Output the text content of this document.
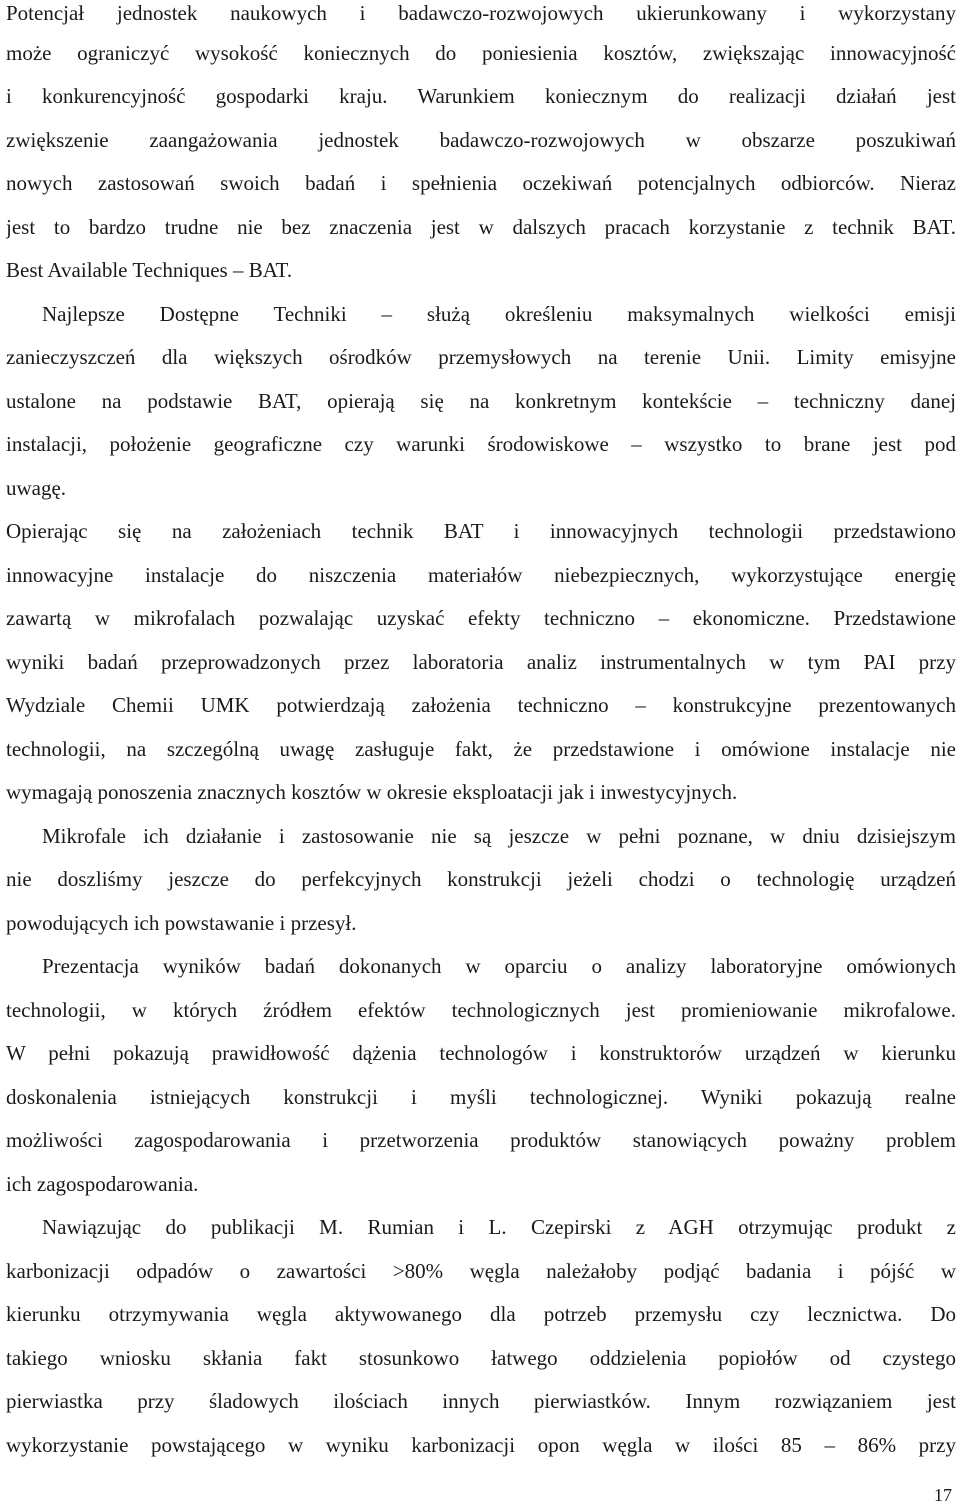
Potencjał jednostek naukowych i badawczo-rozwojowych ukierunkowany i wykorzystany
może ograniczyć wysokość koniecznych do poniesienia kosztów, zwiększając innowacyjność
i konkurencyjność gospodarki kraju. Warunkiem koniecznym do realizacji działań jest
zwiększenie zaangażowania jednostek badawczo-rozwojowych w obszarze poszukiwań
nowych zastosowań swoich badań i spełnienia oczekiwań potencjalnych odbiorców. Nieraz
jest to bardzo trudne nie bez znaczenia jest w dalszych pracach korzystanie z technik BAT.
Best Available Techniques – BAT.
Najlepsze Dostępne Techniki – służą określeniu maksymalnych wielkości emisji
zanieczyszczeń dla większych ośrodków przemysłowych na terenie Unii. Limity emisyjne
ustalone na podstawie BAT, opierają się na konkretnym kontekście – techniczny danej
instalacji, położenie geograficzne czy warunki środowiskowe – wszystko to brane jest pod
uwagę.
Opierając się na założeniach technik BAT i innowacyjnych technologii przedstawiono
innowacyjne instalacje do niszczenia materiałów niebezpiecznych, wykorzystujące energię
zawartą w mikrofalach pozwalając uzyskać efekty techniczno – ekonomiczne. Przedstawione
wyniki badań przeprowadzonych przez laboratoria analiz instrumentalnych w tym PAI przy
Wydziale Chemii UMK potwierdzają założenia techniczno – konstrukcyjne prezentowanych
technologii, na szczególną uwagę zasługuje fakt, że przedstawione i omówione instalacje nie
wymagają ponoszenia znacznych kosztów w okresie eksploatacji jak i inwestycyjnych.
Mikrofale ich działanie i zastosowanie nie są jeszcze w pełni poznane, w dniu dzisiejszym
nie doszliśmy jeszcze do perfekcyjnych konstrukcji jeżeli chodzi o technologię urządzeń
powodujących ich powstawanie i przesył.
Prezentacja wyników badań dokonanych w oparciu o analizy laboratoryjne omówionych
technologii, w których źródłem efektów technologicznych jest promieniowanie mikrofalowe.
W pełni pokazują prawidłowość dążenia technologów i konstruktorów urządzeń w kierunku
doskonalenia istniejących konstrukcji i myśli technologicznej. Wyniki pokazują realne
możliwości zagospodarowania i przetworzenia produktów stanowiących poważny problem
ich zagospodarowania.
Nawiązując do publikacji M. Rumian i L. Czepirski z AGH otrzymując produkt z
karbonizacji odpadów o zawartości >80% węgla należałoby podjąć badania i pójść w
kierunku otrzymywania węgla aktywowanego dla potrzeb przemysłu czy lecznictwa. Do
takiego wniosku skłania fakt stosunkowo łatwego oddzielenia popiołów od czystego
pierwiastka przy śladowych ilościach innych pierwiastków. Innym rozwiązaniem jest
wykorzystanie powstającego w wyniku karbonizacji opon węgla w ilości 85 – 86% przy
17
